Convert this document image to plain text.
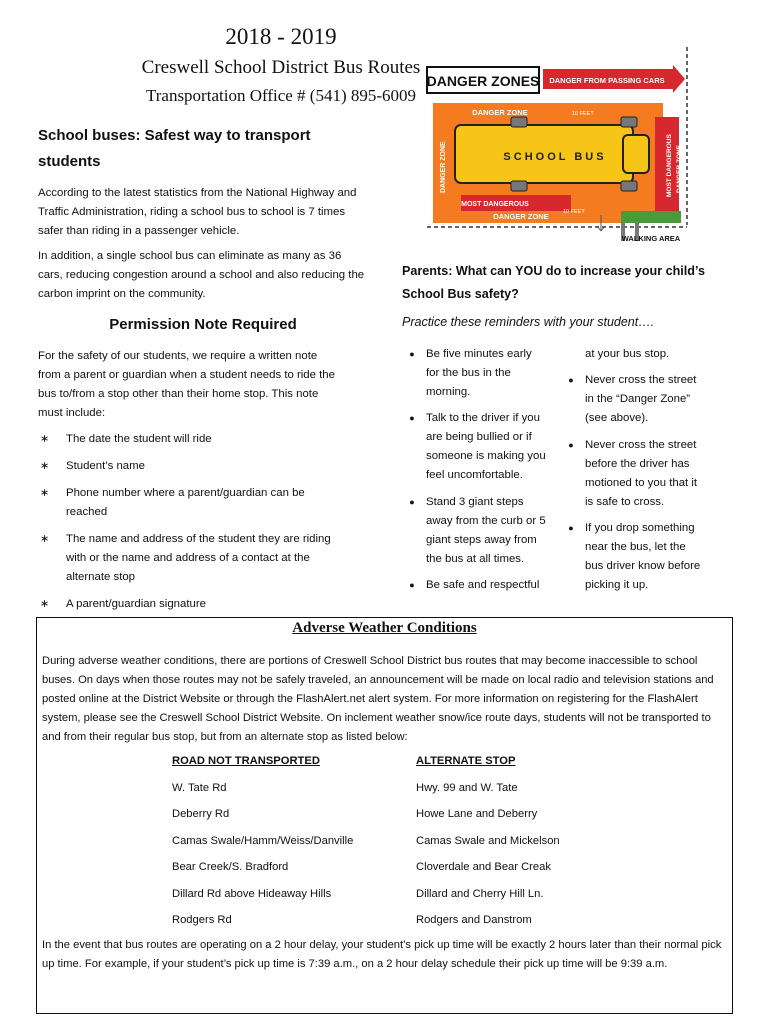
2018 - 2019
Creswell School District Bus Routes
Transportation Office # (541) 895-6009
DANGER ZONES DANGER FROM PASSING CARS
DANGER ZONE	10 FEET
DANGER ZONE	MOST DANGEROUS DANGER ZONE
SCHOOL BUS
MOST DANGEROUS
DANGER ZONE	10 FEET
WALKING AREA
School buses: Safest way to transport students
According to the latest statistics from the National Highway and Traffic Administration, riding a school bus to school is 7 times safer than riding in a passenger vehicle.
In addition, a single school bus can eliminate as many as 36 cars, reducing congestion around a school and also reducing the carbon imprint on the community.
Permission Note Required
For the safety of our students, we require a written note from a parent or guardian when a student needs to ride the bus to/from a stop other than their home stop. This note must include:
∗	The date the student will ride
∗	Student’s name
∗	Phone number where a parent/guardian can be reached
∗	The name and address of the student they are riding with or the name and address of a contact at the alternate stop
∗	A parent/guardian signature
Parents: What can YOU do to increase your child’s School Bus safety?
Practice these reminders with your student….
● Be five minutes early for the bus in the morning.
● Talk to the driver if you are being bullied or if someone is making you feel uncomfortable.
● Stand 3 giant steps away from the curb or 5 giant steps away from the bus at all times.
● Be safe and respectful
at your bus stop.
● Never cross the street in the “Danger Zone” (see above).
● Never cross the street before the driver has motioned to you that it is safe to cross.
● If you drop something near the bus, let the bus driver know before picking it up.
Adverse Weather Conditions
During adverse weather conditions, there are portions of Creswell School District bus routes that may become inaccessible to school buses. On days when those routes may not be safely traveled, an announcement will be made on local radio and television stations and posted online at the District Website or through the FlashAlert.net alert system. For more information on registering for the FlashAlert system, please see the Creswell School District Website. On inclement weather snow/ice route days, students will not be transported to and from their regular bus stop, but from an alternate stop as listed below:
ROAD NOT TRANSPORTED	ALTERNATE STOP
W. Tate Rd	Hwy. 99 and W. Tate
Deberry Rd	Howe Lane and Deberry
Camas Swale/Hamm/Weiss/Danville	Camas Swale and Mickelson
Bear Creek/S. Bradford	Cloverdale and Bear Creak
Dillard Rd above Hideaway Hills	Dillard and Cherry Hill Ln.
Rodgers Rd	Rodgers and Danstrom
In the event that bus routes are operating on a 2 hour delay, your student’s pick up time will be exactly 2 hours later than their normal pick up time. For example, if your student’s pick up time is 7:39 a.m., on a 2 hour delay schedule their pick up time will be 9:39 a.m.
